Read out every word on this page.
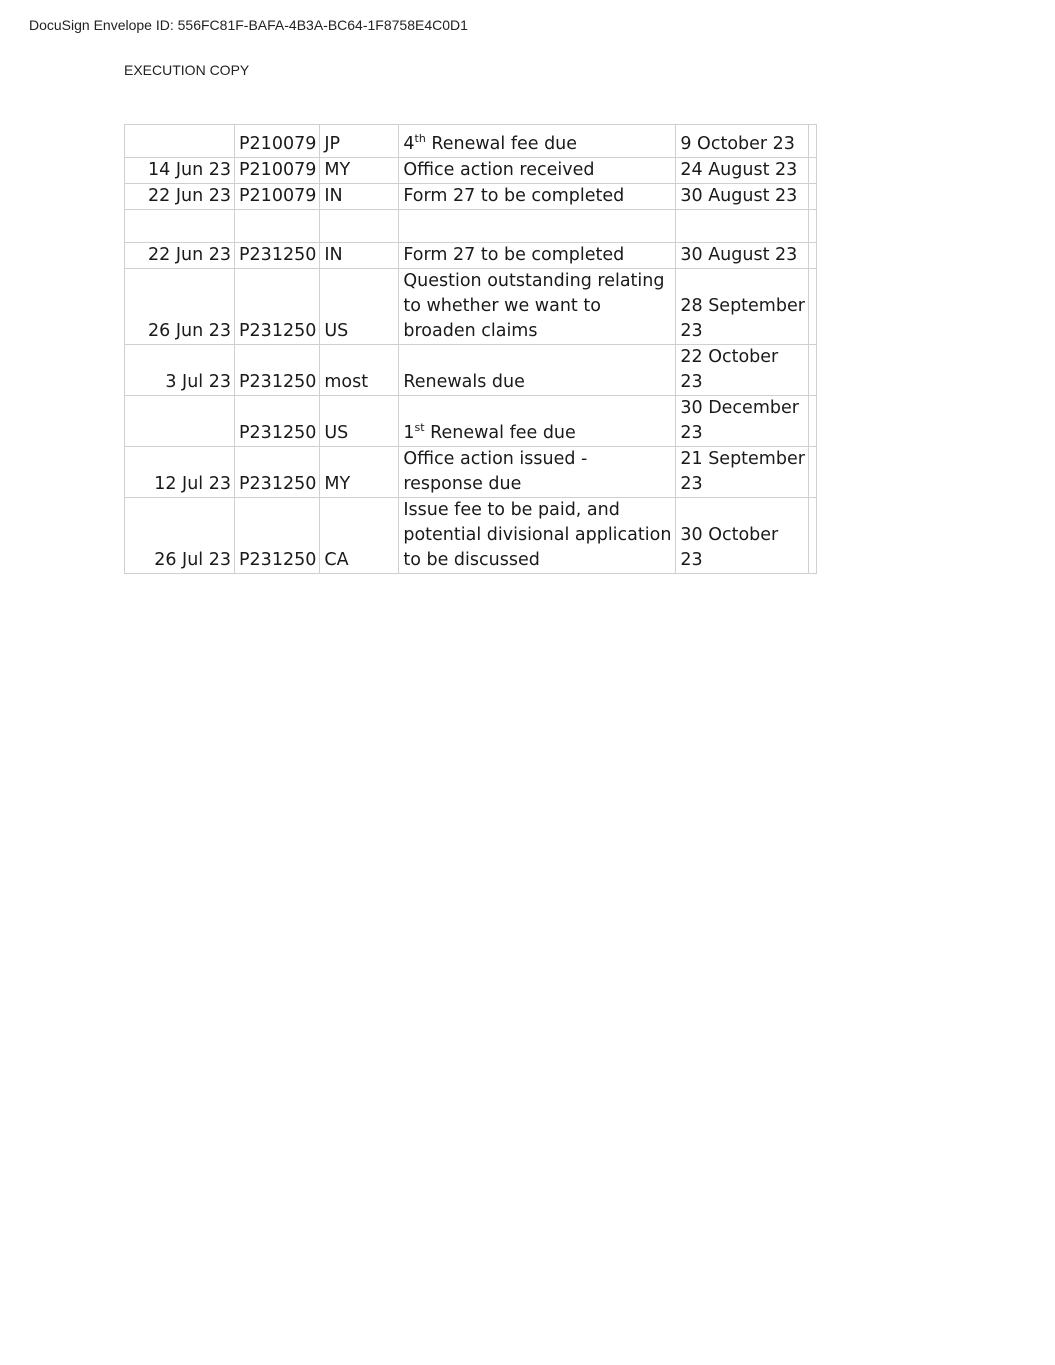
DocuSign Envelope ID: 556FC81F-BAFA-4B3A-BC64-1F8758E4C0D1
EXECUTION COPY
	P210079	JP	4th Renewal fee due	9 October 23	
14 Jun 23	P210079	MY	Office action received	24 August 23	
22 Jun 23	P210079	IN	Form 27 to be completed	30 August 23	

22 Jun 23	P231250	IN	Form 27 to be completed	30 August 23	
26 Jun 23	P231250	US	Question outstanding relating to whether we want to broaden claims	28 September 23	
3 Jul 23	P231250	most	Renewals due	22 October 23	
	P231250	US	1st Renewal fee due	30 December 23	
12 Jul 23	P231250	MY	Office action issued - response due	21 September 23	
26 Jul 23	P231250	CA	Issue fee to be paid, and potential divisional application to be discussed	30 October 23	
